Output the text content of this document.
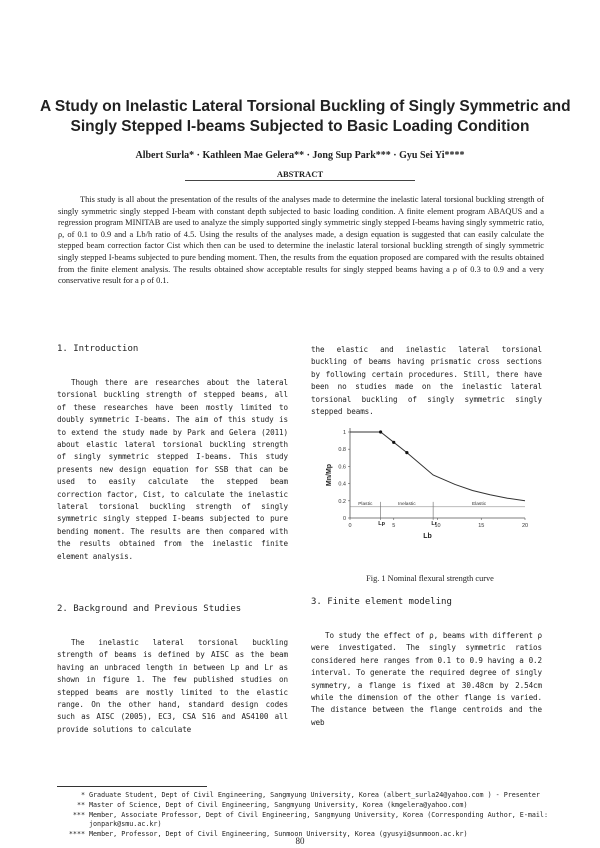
A Study on Inelastic Lateral Torsional Buckling of Singly Symmetric and
Singly Stepped I-beams Subjected to Basic Loading Condition
Albert Surla* · Kathleen Mae Gelera** · Jong Sup Park*** · Gyu Sei Yi****
ABSTRACT

This study is all about the presentation of the results of the analyses made to determine the inelastic lateral torsional buckling strength of singly symmetric singly stepped I-beam with constant depth subjected to basic loading condition. A finite element program ABAQUS and a regression program MINITAB are used to analyze the simply supported singly symmetric singly stepped I-beams having singly symmetric ratio, ρ, of 0.1 to 0.9 and a Lb/h ratio of 4.5. Using the results of the analyses made, a design equation is suggested that can easily calculate the stepped beam correction factor Cist which then can be used to determine the inelastic lateral torsional buckling strength of singly symmetric singly stepped I-beams subjected to pure bending moment. Then, the results from the equation proposed are compared with the results obtained from the finite element analysis. The results obtained show acceptable results for singly stepped beams having a ρ of 0.3 to 0.9 and a very conservative result for a ρ of 0.1.

1. Introduction

Though there are researches about the lateral torsional buckling strength of stepped beams, all of these researches have been mostly limited to doubly symmetric I-beams. The aim of this study is to extend the study made by Park and Gelera (2011) about elastic lateral torsional buckling strength of singly symmetric stepped I-beams. This study presents new design equation for SSB that can be used to easily calculate the stepped beam correction factor, Cist, to calculate the inelastic lateral torsional buckling strength of singly symmetric singly stepped I-beams subjected to pure bending moment. The results are then compared with the results obtained from the inelastic finite element analysis.

2. Background and Previous Studies

The inelastic lateral torsional buckling strength of beams is defined by AISC as the beam having an unbraced length in between Lp and Lr as shown in figure 1. The few published studies on stepped beams are mostly limited to the elastic range. On the other hand, standard design codes such as AISC (2005), EC3, CSA S16 and AS4100 all provide solutions to calculate

the elastic and inelastic lateral torsional buckling of beams having prismatic cross sections by following certain procedures. Still, there have been no studies made on the inelastic lateral torsional buckling of singly symmetric singly stepped beams.

0
0.2
0.4
0.6
0.8
1
0	5	10	15	20
Mn/Mp
Lb
Lp	Lr
Plastic	Inelastic	Elastic
Fig. 1 Nominal flexural strength curve

3. Finite element modeling

To study the effect of ρ, beams with different ρ were investigated. The singly symmetric ratios considered here ranges from 0.1 to 0.9 having a 0.2 interval. To generate the required degree of singly symmetry, a flange is fixed at 30.48cm by 2.54cm while the dimension of the other flange is varied. The distance between the flange centroids and the web

* Graduate Student, Dept of Civil Engineering, Sangmyung University, Korea (albert_surla24@yahoo.com ) - Presenter
** Master of Science, Dept of Civil Engineering, Sangmyung University, Korea (kmgelera@yahoo.com)
*** Member, Associate Professor, Dept of Civil Engineering, Sangmyung University, Korea (Corresponding Author, E-mail:
jonpark@smu.ac.kr)
**** Member, Professor, Dept of Civil Engineering, Sunmoon University, Korea (gyusyi@sunmoon.ac.kr)
80
